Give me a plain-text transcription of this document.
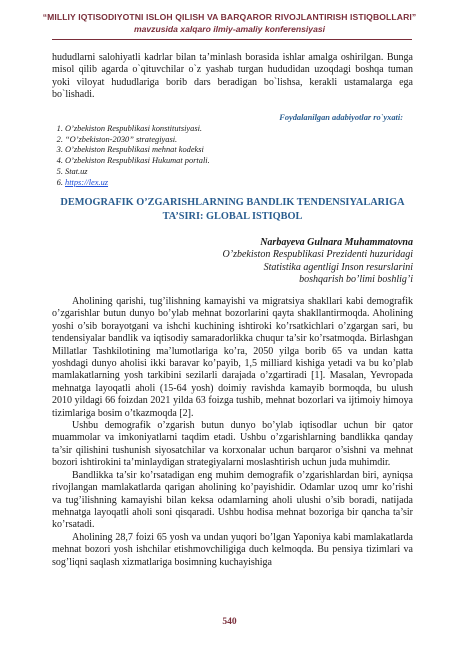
“MILLIY IQTISODIYOTNI ISLOH QILISH VA BARQAROR RIVOJLANTIRISH ISTIQBOLLARI”
mavzusida xalqaro ilmiy-amaliy konferensiyasi

hududlarni salohiyatli kadrlar bilan ta’minlash borasida ishlar amalga oshirilgan. Bunga misol qilib agarda o`qituvchilar o`z yashab turgan hududidan uzoqdagi boshqa tuman yoki viloyat hududlariga borib dars beradigan bo`lishsa, kerakli ustamalarga ega bo`lishadi.

Foydalanilgan adabiyotlar ro`yxati:
1. O’zbekiston Respublikasi konstitutsiyasi.
2. “O’zbekiston-2030” strategiyasi.
3. O’zbekiston Respublikasi mehnat kodeksi
4. O’zbekiston Respublikasi Hukumat portali.
5. Stat.uz
6. https://lex.uz
DEMOGRAFIK O’ZGARISHLARNING BANDLIK TENDENSIYALARIGA
TA’SIRI: GLOBAL ISTIQBOL
Narbayeva Gulnara Muhammatovna
O’zbekiston Respublikasi Prezidenti huzuridagi
Statistika agentligi Inson resurslarini
boshqarish bo’limi boshlig’i

Aholining qarishi, tug’ilishning kamayishi va migratsiya shakllari kabi demografik o’zgarishlar butun dunyo bo’ylab mehnat bozorlarini qayta shakllantirmoqda. Aholining yoshi o’sib borayotgani va ishchi kuchining ishtiroki ko’rsatkichlari o’zgargan sari, bu tendensiyalar bandlik va iqtisodiy samaradorlikka chuqur ta’sir ko’rsatmoqda. Birlashgan Millatlar Tashkilotining ma’lumotlariga ko’ra, 2050 yilga borib 65 va undan katta yoshdagi dunyo aholisi ikki baravar ko’payib, 1,5 milliard kishiga yetadi va bu ko’plab mamlakatlarning yosh tarkibini sezilarli darajada o’zgartiradi [1]. Masalan, Yevropada mehnatga layoqatli aholi (15-64 yosh) doimiy ravishda kamayib bormoqda, bu ulush 2010 yildagi 66 foizdan 2021 yilda 63 foizga tushib, mehnat bozorlari va ijtimoiy himoya tizimlariga bosim o’tkazmoqda [2].

Ushbu demografik o’zgarish butun dunyo bo’ylab iqtisodlar uchun bir qator muammolar va imkoniyatlarni taqdim etadi. Ushbu o’zgarishlarning bandlikka qanday ta’sir qilishini tushunish siyosatchilar va korxonalar uchun barqaror o’sishni va mehnat bozori ishtirokini ta’minlaydigan strategiyalarni moslashtirish uchun juda muhimdir.

Bandlikka ta’sir ko’rsatadigan eng muhim demografik o’zgarishlardan biri, ayniqsa rivojlangan mamlakatlarda qarigan aholining ko’payishidir. Odamlar uzoq umr ko’rishi va tug’ilishning kamayishi bilan keksa odamlarning aholi ulushi o’sib boradi, natijada mehnatga layoqatli aholi soni qisqaradi. Ushbu hodisa mehnat bozoriga bir qancha ta’sir ko’rsatadi.

Aholining 28,7 foizi 65 yosh va undan yuqori bo’lgan Yaponiya kabi mamlakatlarda mehnat bozori yosh ishchilar etishmovchiligiga duch kelmoqda. Bu pensiya tizimlari va sog’liqni saqlash xizmatlariga bosimning kuchayishiga

540
